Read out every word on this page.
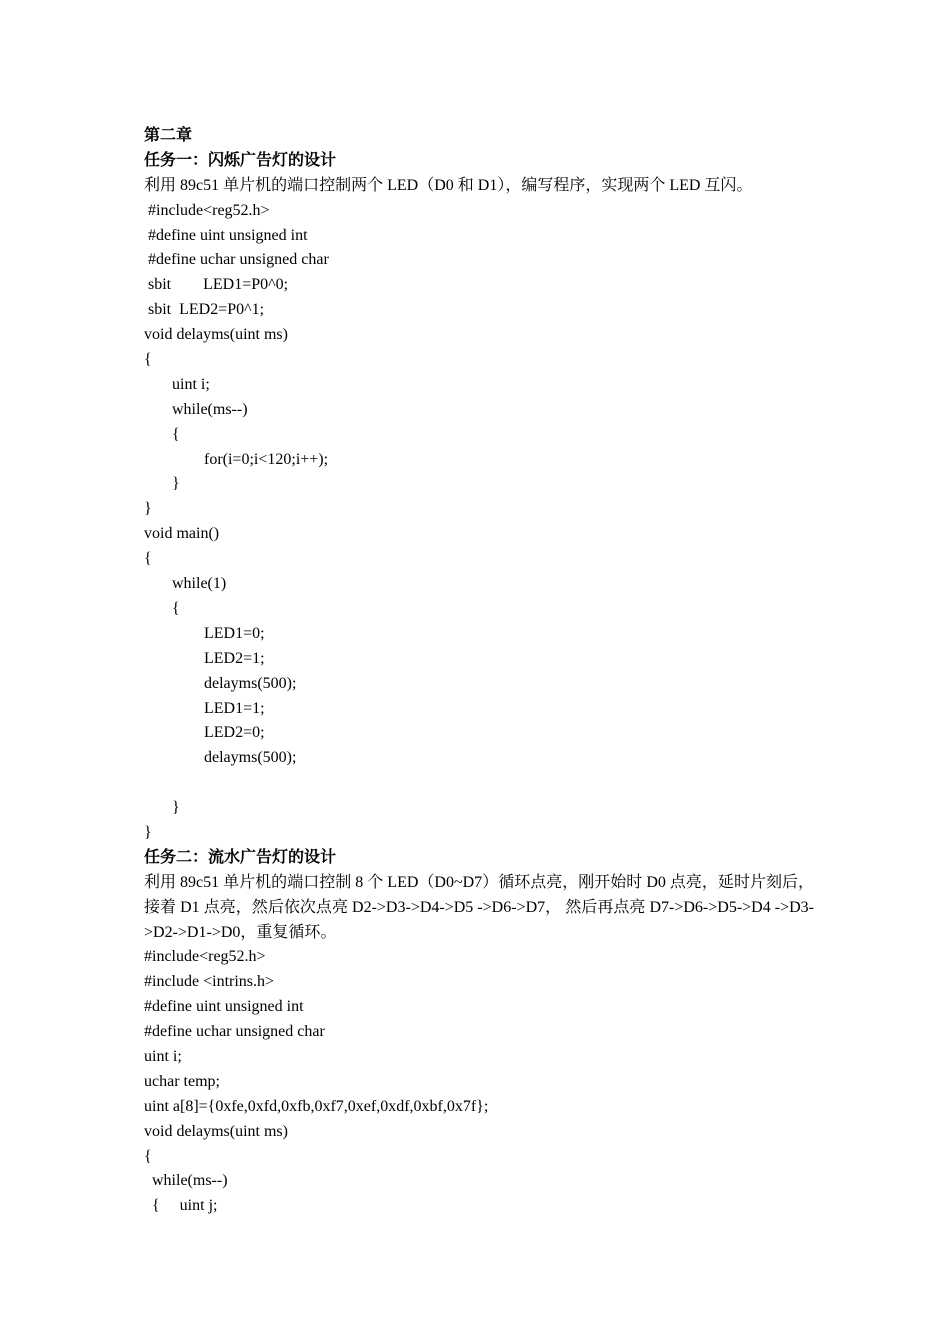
第二章
任务一：闪烁广告灯的设计
利用 89c51 单片机的端口控制两个 LED（D0 和 D1），编写程序，实现两个 LED 互闪。
#include<reg52.h>
#define uint unsigned int
#define uchar unsigned char
sbit        LED1=P0^0;
sbit  LED2=P0^1;
void delayms(uint ms)
{
uint i;
while(ms--)
{
for(i=0;i<120;i++);
}
}
void main()
{
while(1)
{
LED1=0;
LED2=1;
delayms(500);
LED1=1;
LED2=0;
delayms(500);
}
}
任务二：流水广告灯的设计
利用 89c51 单片机的端口控制 8 个 LED（D0~D7）循环点亮，刚开始时 D0 点亮，延时片刻后，接着 D1 点亮，然后依次点亮 D2->D3->D4->D5 ->D6->D7， 然后再点亮 D7->D6->D5->D4 ->D3->D2->D1->D0，重复循环。
#include<reg52.h>
#include <intrins.h>
#define uint unsigned int
#define uchar unsigned char
uint i;
uchar temp;
uint a[8]={0xfe,0xfd,0xfb,0xf7,0xef,0xdf,0xbf,0x7f};
void delayms(uint ms)
{
while(ms--)
{     uint j;
